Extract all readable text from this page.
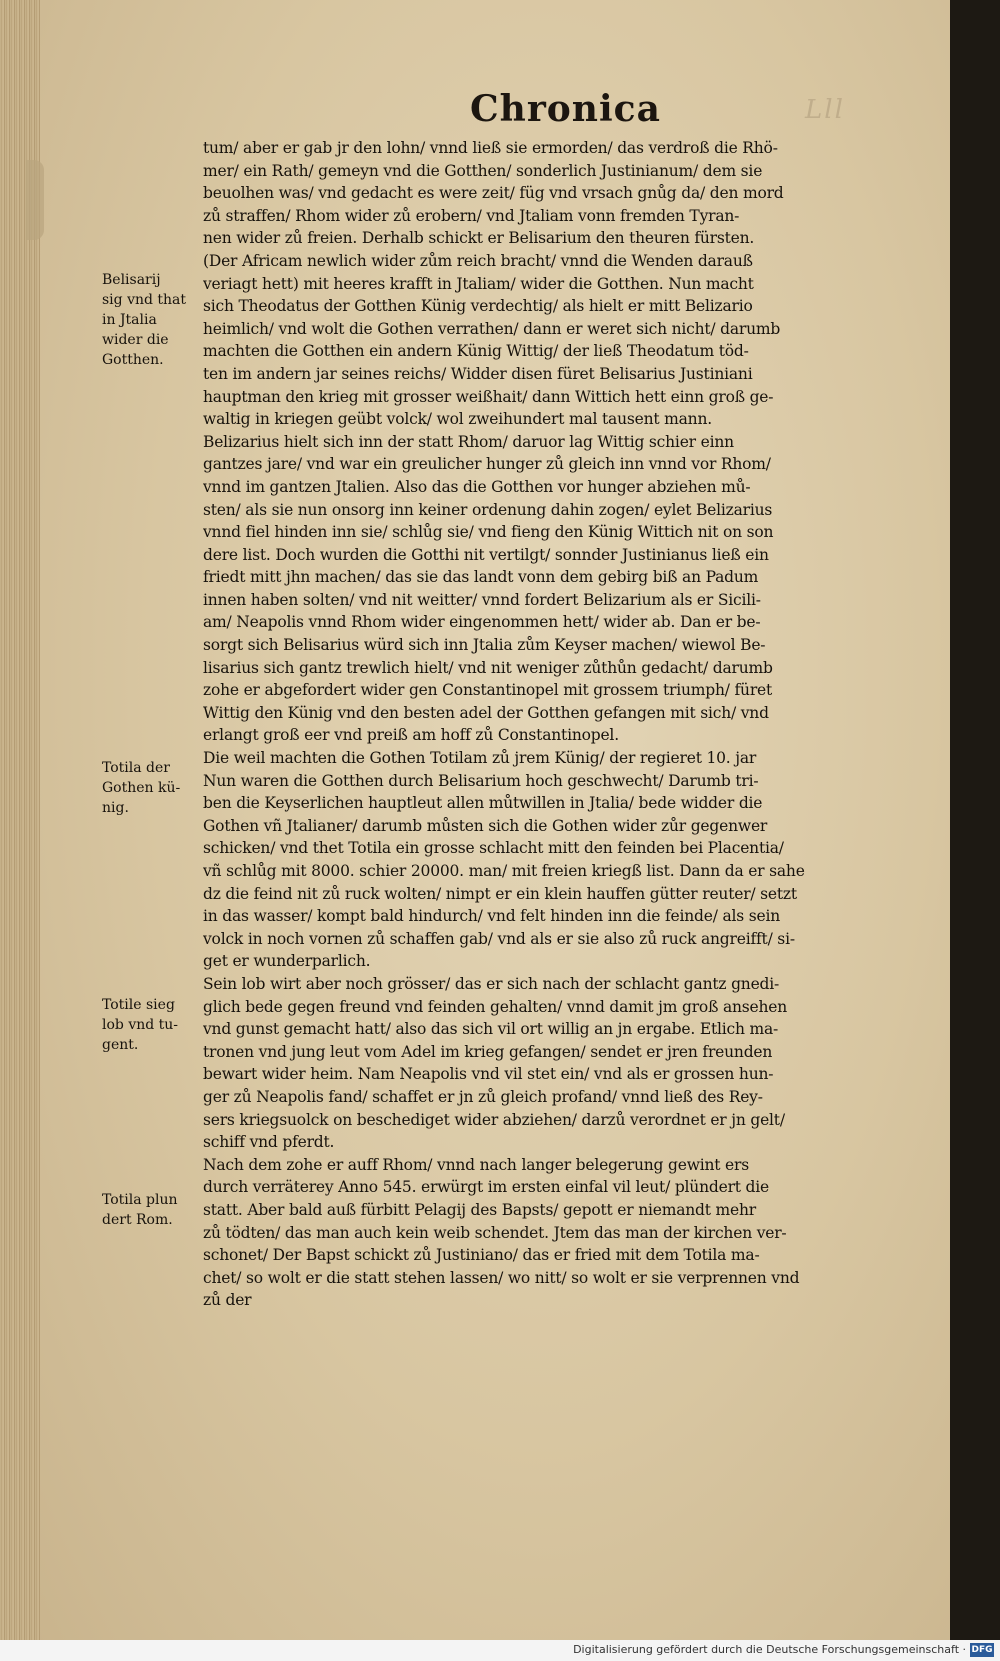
Lll
Chronica
tum/ aber er gab jr den lohn/ vnnd ließ sie ermorden/ das verdroß die Rhö-
mer/ ein Rath/ gemeyn vnd die Gotthen/ sonderlich Justinianum/ dem sie
beuolhen was/ vnd gedacht es were zeit/ füg vnd vrsach gnůg da/ den mord
zů straffen/ Rhom wider zů erobern/ vnd Jtaliam vonn fremden Tyran-
nen wider zů freien. Derhalb schickt er Belisarium den theuren fürsten.
(Der Africam newlich wider zům reich bracht/ vnnd die Wenden darauß
veriagt hett) mit heeres krafft in Jtaliam/ wider die Gotthen. Nun macht
sich Theodatus der Gotthen Künig verdechtig/ als hielt er mitt Belizario
heimlich/ vnd wolt die Gothen verrathen/ dann er weret sich nicht/ darumb
machten die Gotthen ein andern Künig Wittig/ der ließ Theodatum töd-
ten im andern jar seines reichs/ Widder disen füret Belisarius Justiniani
hauptman den krieg mit grosser weißhait/ dann Wittich hett einn groß ge-
waltig in kriegen geübt volck/ wol zweihundert mal tausent mann.
Belizarius hielt sich inn der statt Rhom/ daruor lag Wittig schier einn
gantzes jare/ vnd war ein greulicher hunger zů gleich inn vnnd vor Rhom/
vnnd im gantzen Jtalien. Also das die Gotthen vor hunger abziehen mů-
sten/ als sie nun onsorg inn keiner ordenung dahin zogen/ eylet Belizarius
vnnd fiel hinden inn sie/ schlůg sie/ vnd fieng den Künig Wittich nit on son
dere list. Doch wurden die Gotthi nit vertilgt/ sonnder Justinianus ließ ein
friedt mitt jhn machen/ das sie das landt vonn dem gebirg biß an Padum
innen haben solten/ vnd nit weitter/ vnnd fordert Belizarium als er Sicili-
am/ Neapolis vnnd Rhom wider eingenommen hett/ wider ab. Dan er be-
sorgt sich Belisarius würd sich inn Jtalia zům Keyser machen/ wiewol Be-
lisarius sich gantz trewlich hielt/ vnd nit weniger zůthůn gedacht/ darumb
zohe er abgefordert wider gen Constantinopel mit grossem triumph/ füret
Wittig den Künig vnd den besten adel der Gotthen gefangen mit sich/ vnd
erlangt groß eer vnd preiß am hoff zů Constantinopel.
Die weil machten die Gothen Totilam zů jrem Künig/ der regieret 10. jar
Nun waren die Gotthen durch Belisarium hoch geschwecht/ Darumb tri-
ben die Keyserlichen hauptleut allen můtwillen in Jtalia/ bede widder die
Gothen vñ Jtalianer/ darumb můsten sich die Gothen wider zůr gegenwer
schicken/ vnd thet Totila ein grosse schlacht mitt den feinden bei Placentia/
vñ schlůg mit 8000. schier 20000. man/ mit freien kriegß list. Dann da er sahe
dz die feind nit zů ruck wolten/ nimpt er ein klein hauffen gütter reuter/ setzt
in das wasser/ kompt bald hindurch/ vnd felt hinden inn die feinde/ als sein
volck in noch vornen zů schaffen gab/ vnd als er sie also zů ruck angreifft/ si-
get er wunderparlich.
Sein lob wirt aber noch grösser/ das er sich nach der schlacht gantz gnedi-
glich bede gegen freund vnd feinden gehalten/ vnnd damit jm groß ansehen
vnd gunst gemacht hatt/ also das sich vil ort willig an jn ergabe. Etlich ma-
tronen vnd jung leut vom Adel im krieg gefangen/ sendet er jren freunden
bewart wider heim. Nam Neapolis vnd vil stet ein/ vnd als er grossen hun-
ger zů Neapolis fand/ schaffet er jn zů gleich profand/ vnnd ließ des Rey-
sers kriegsuolck on beschediget wider abziehen/ darzů verordnet er jn gelt/
schiff vnd pferdt.
Nach dem zohe er auff Rhom/ vnnd nach langer belegerung gewint ers
durch verräterey Anno 545. erwürgt im ersten einfal vil leut/ plündert die
statt. Aber bald auß fürbitt Pelagij des Bapsts/ gepott er niemandt mehr
zů tödten/ das man auch kein weib schendet. Jtem das man der kirchen ver-
schonet/ Der Bapst schickt zů Justiniano/ das er fried mit dem Totila ma-
chet/ so wolt er die statt stehen lassen/ wo nitt/ so wolt er sie verprennen vnd
zů der
Belisarij
sig vnd that
in Jtalia
wider die
Gotthen.
Totila der
Gothen kü-
nig.
Totile sieg
lob vnd tu-
gent.
Totila plun
dert Rom.
Digitalisierung gefördert durch die Deutsche Forschungsgemeinschaft · DFG
